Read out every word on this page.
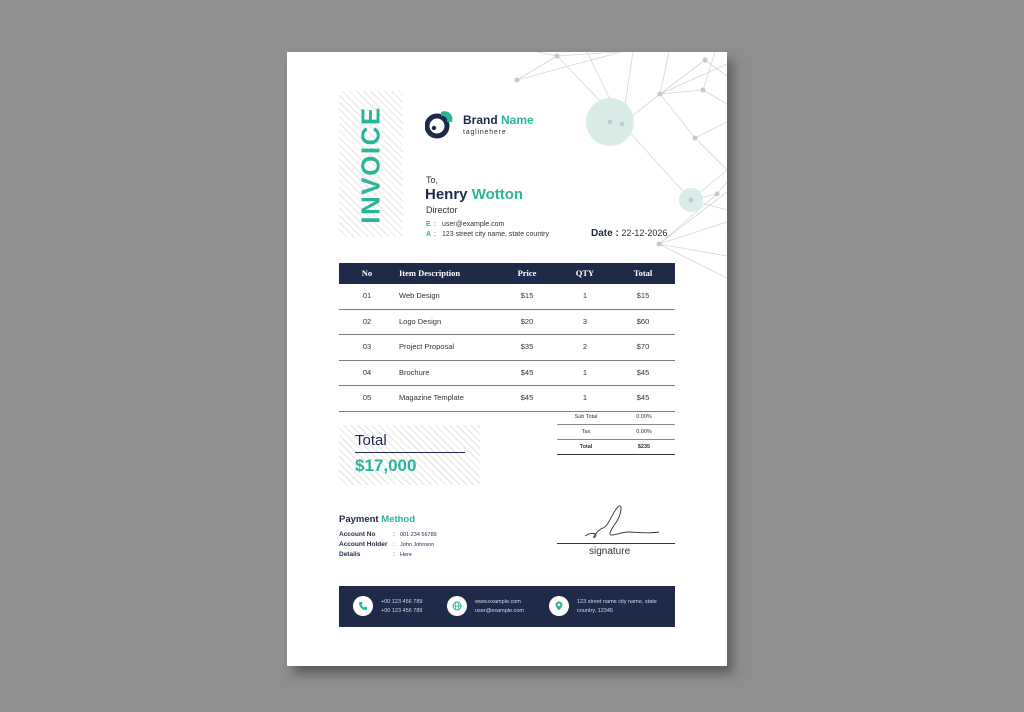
INVOICE	Brand Name
taglinehere
To,
Henry Wotton
Director
E : user@example.com
A : 123 street city name, state country	Date : 22-12-2026
No	Item Description	Price	QTY	Total
01	Web Design	$15	1	$15
02	Logo Design	$20	3	$60
03	Project Proposal	$35	2	$70
04	Brochure	$45	1	$45
05	Magazine Template	$45	1	$45
Sub Total	0.00%
Tax	0.00%
Total	$235
Total
$17,000
Payment Method
Account No	: 001 234 56789
Account Holder : John Johnson
Details	: Here	signature
+00 123 456 789
+00 123 456 789
www.example.com
user@example.com
123 street name city name, state
country, 12345
